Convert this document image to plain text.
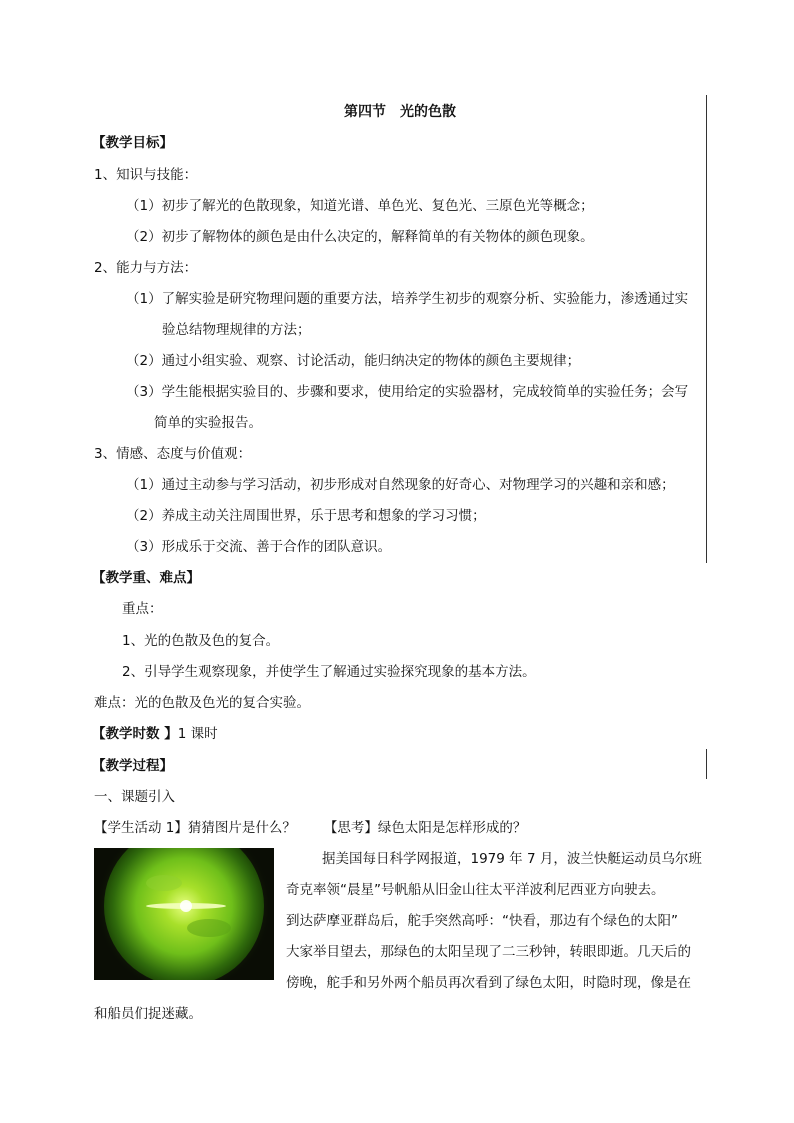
第四节　光的色散
【教学目标】
1、知识与技能：
（1）初步了解光的色散现象，知道光谱、单色光、复色光、三原色光等概念；
（2）初步了解物体的颜色是由什么决定的，解释简单的有关物体的颜色现象。
2、能力与方法：
（1）了解实验是研究物理问题的重要方法，培养学生初步的观察分析、实验能力，渗透通过实
验总结物理规律的方法；
（2）通过小组实验、观察、讨论活动，能归纳决定的物体的颜色主要规律；
（3）学生能根据实验目的、步骤和要求，使用给定的实验器材，完成较简单的实验任务；会写
简单的实验报告。
3、情感、态度与价值观：
（1）通过主动参与学习活动，初步形成对自然现象的好奇心、对物理学习的兴趣和亲和感；
（2）养成主动关注周围世界，乐于思考和想象的学习习惯；
（3）形成乐于交流、善于合作的团队意识。
【教学重、难点】
重点：
1、光的色散及色的复合。
2、引导学生观察现象，并使学生了解通过实验探究现象的基本方法。
难点：光的色散及色光的复合实验。
【教学时数 】1 课时
【教学过程】
一、课题引入
【学生活动 1】猜猜图片是什么？ 【思考】绿色太阳是怎样形成的？
据美国每日科学网报道，1979 年 7 月，波兰快艇运动员乌尔班
奇克率领“晨星”号帆船从旧金山往太平洋波利尼西亚方向驶去。
到达萨摩亚群岛后，舵手突然高呼：“快看，那边有个绿色的太阳”
大家举目望去，那绿色的太阳呈现了二三秒钟，转眼即逝。几天后的
傍晚，舵手和另外两个船员再次看到了绿色太阳，时隐时现，像是在
和船员们捉迷藏。
